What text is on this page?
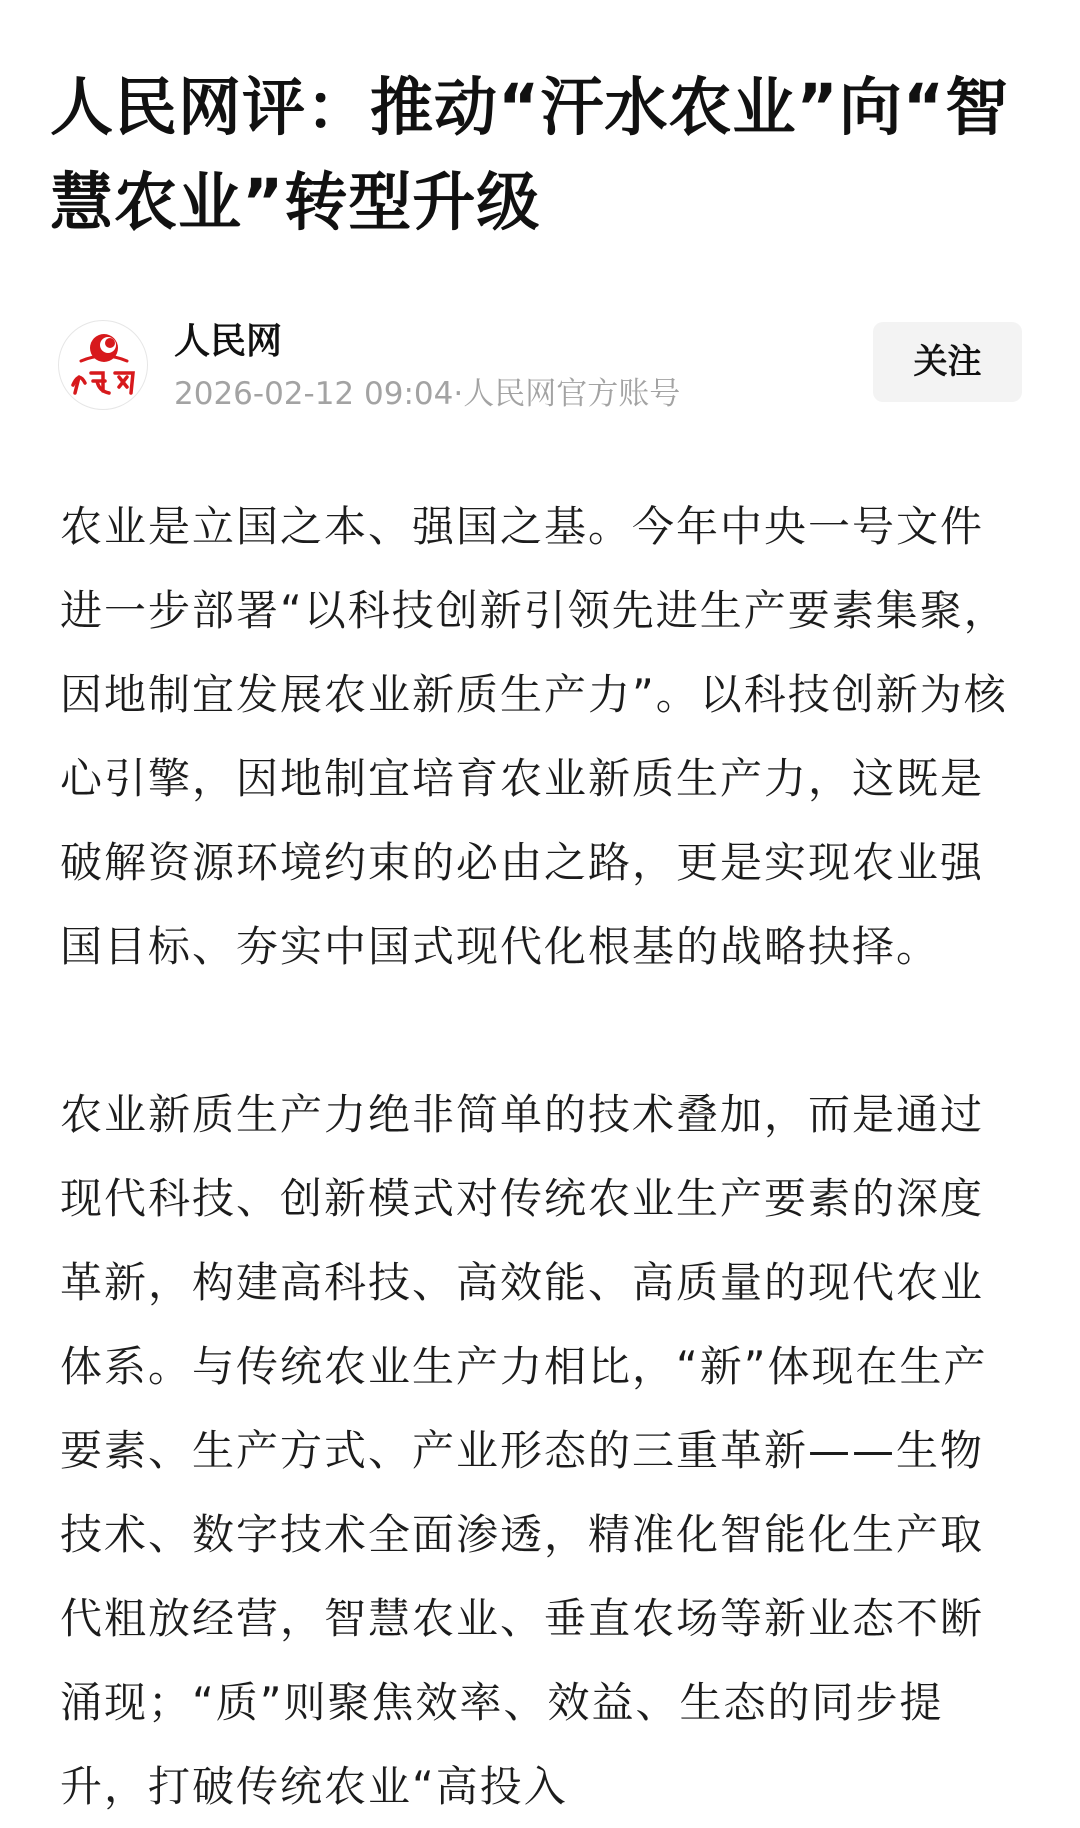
人民网评：推动“汗水农业”向“智慧农业”转型升级
人民网
2026-02-12 09:04·人民网官方账号
关注

农业是立国之本、强国之基。今年中央一号文件进一步部署“以科技创新引领先进生产要素集聚，因地制宜发展农业新质生产力”。以科技创新为核心引擎，因地制宜培育农业新质生产力，这既是破解资源环境约束的必由之路，更是实现农业强国目标、夯实中国式现代化根基的战略抉择。

农业新质生产力绝非简单的技术叠加，而是通过现代科技、创新模式对传统农业生产要素的深度革新，构建高科技、高效能、高质量的现代农业体系。与传统农业生产力相比，“新”体现在生产要素、生产方式、产业形态的三重革新——生物技术、数字技术全面渗透，精准化智能化生产取代粗放经营，智慧农业、垂直农场等新业态不断涌现；“质”则聚焦效率、效益、生态的同步提升，打破传统农业“高投入
